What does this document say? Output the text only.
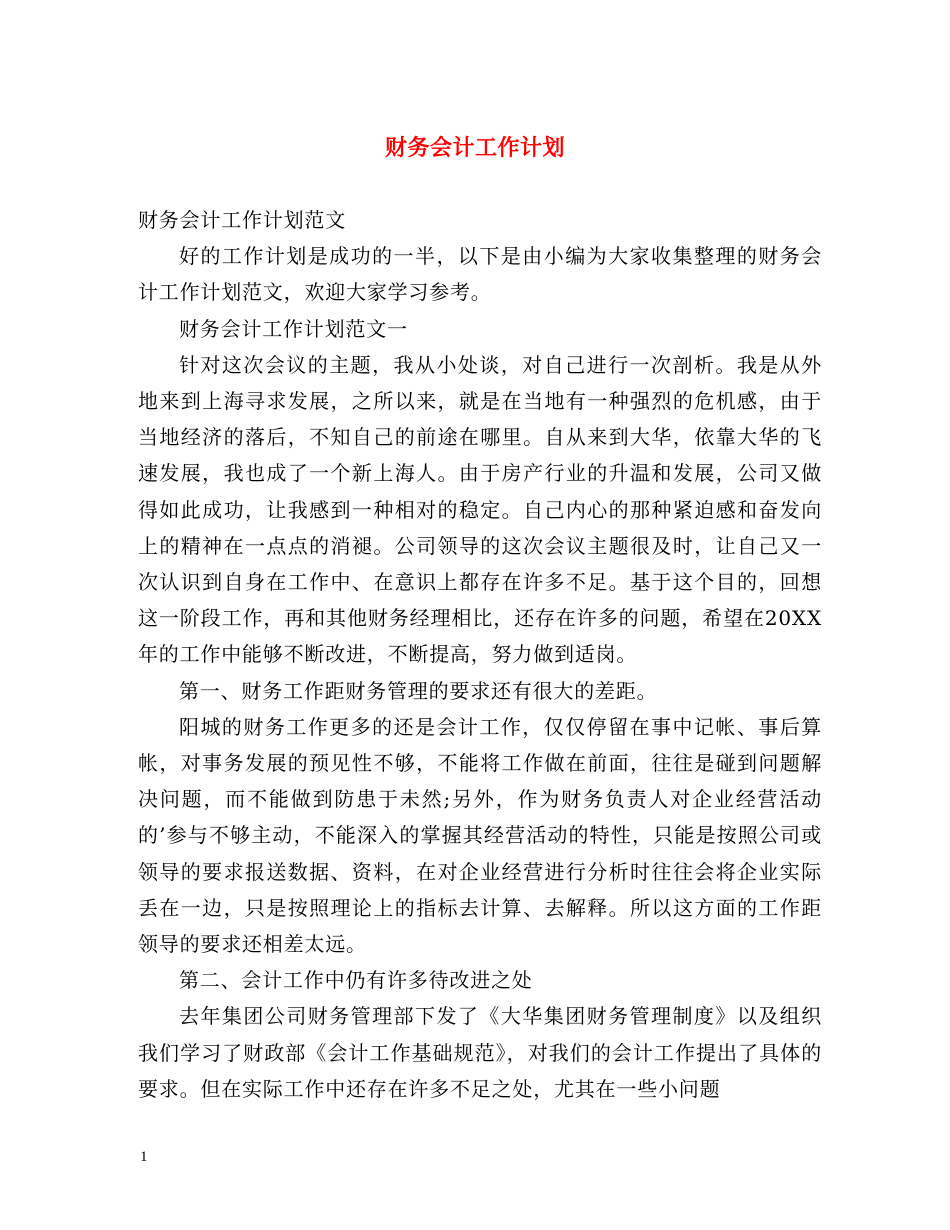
财务会计工作计划

财务会计工作计划范文

好的工作计划是成功的一半，以下是由小编为大家收集整理的财务会计工作计划范文，欢迎大家学习参考。

财务会计工作计划范文一

针对这次会议的主题，我从小处谈，对自己进行一次剖析。我是从外地来到上海寻求发展，之所以来，就是在当地有一种强烈的危机感，由于当地经济的落后，不知自己的前途在哪里。自从来到大华，依靠大华的飞速发展，我也成了一个新上海人。由于房产行业的升温和发展，公司又做得如此成功，让我感到一种相对的稳定。自己内心的那种紧迫感和奋发向上的精神在一点点的消褪。公司领导的这次会议主题很及时，让自己又一次认识到自身在工作中、在意识上都存在许多不足。基于这个目的，回想这一阶段工作，再和其他财务经理相比，还存在许多的问题，希望在20XX年的工作中能够不断改进，不断提高，努力做到适岗。

第一、财务工作距财务管理的要求还有很大的差距。

阳城的财务工作更多的还是会计工作，仅仅停留在事中记帐、事后算帐，对事务发展的预见性不够，不能将工作做在前面，往往是碰到问题解决问题，而不能做到防患于未然;另外，作为财务负责人对企业经营活动的’参与不够主动，不能深入的掌握其经营活动的特性，只能是按照公司或领导的要求报送数据、资料，在对企业经营进行分析时往往会将企业实际丢在一边，只是按照理论上的指标去计算、去解释。所以这方面的工作距领导的要求还相差太远。

第二、会计工作中仍有许多待改进之处

去年集团公司财务管理部下发了《大华集团财务管理制度》以及组织我们学习了财政部《会计工作基础规范》，对我们的会计工作提出了具体的要求。但在实际工作中还存在许多不足之处，尤其在一些小问题

1
